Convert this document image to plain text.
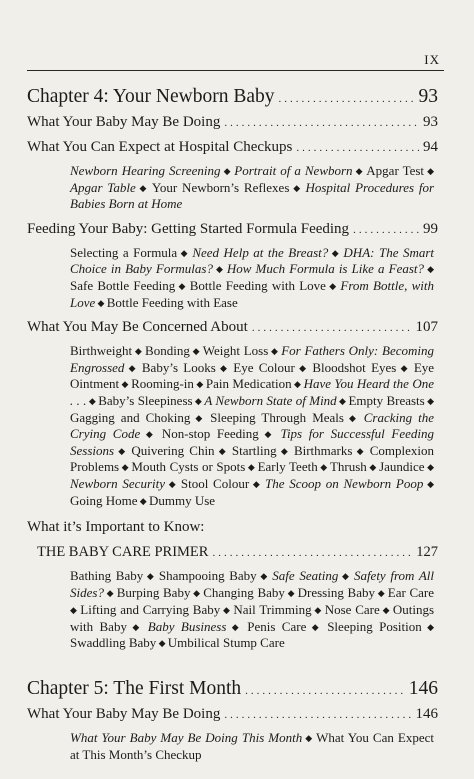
IX
Chapter 4: Your Newborn Baby .....	93
What Your Baby May Be Doing .....	93
What You Can Expect at Hospital Checkups .....	94
Newborn Hearing Screening ◆ Portrait of a Newborn ◆ Apgar Test ◆ Apgar Table ◆ Your Newborn’s Reflexes ◆ Hospital Procedures for Babies Born at Home
Feeding Your Baby: Getting Started Formula Feeding .....	99
Selecting a Formula ◆ Need Help at the Breast? ◆ DHA: The Smart Choice in Baby Formulas? ◆ How Much Formula is Like a Feast? ◆ Safe Bottle Feeding ◆ Bottle Feeding with Love ◆ From Bottle, with Love ◆ Bottle Feeding with Ease
What You May Be Concerned About .....	107
Birthweight ◆ Bonding ◆ Weight Loss ◆ For Fathers Only: Becoming Engrossed ◆ Baby’s Looks ◆ Eye Colour ◆ Bloodshot Eyes ◆ Eye Ointment ◆ Rooming-in ◆ Pain Medication ◆ Have You Heard the One . . . ◆ Baby’s Sleepiness ◆ A Newborn State of Mind ◆ Empty Breasts ◆ Gagging and Choking ◆ Sleeping Through Meals ◆ Cracking the Crying Code ◆ Non-stop Feeding ◆ Tips for Successful Feeding Sessions ◆ Quivering Chin ◆ Startling ◆ Birthmarks ◆ Complexion Problems ◆ Mouth Cysts or Spots ◆ Early Teeth ◆ Thrush ◆ Jaundice ◆ Newborn Security ◆ Stool Colour ◆ The Scoop on Newborn Poop ◆ Going Home ◆ Dummy Use
What it’s Important to Know:
THE BABY CARE PRIMER .....	127
Bathing Baby ◆ Shampooing Baby ◆ Safe Seating ◆ Safety from All Sides? ◆ Burping Baby ◆ Changing Baby ◆ Dressing Baby ◆ Ear Care ◆ Lifting and Carrying Baby ◆ Nail Trimming ◆ Nose Care ◆ Outings with Baby ◆ Baby Business ◆ Penis Care ◆ Sleeping Position ◆ Swaddling Baby ◆ Umbilical Stump Care
Chapter 5: The First Month .....	146
What Your Baby May Be Doing .....	146
What Your Baby May Be Doing This Month ◆ What You Can Expect at This Month’s Checkup
